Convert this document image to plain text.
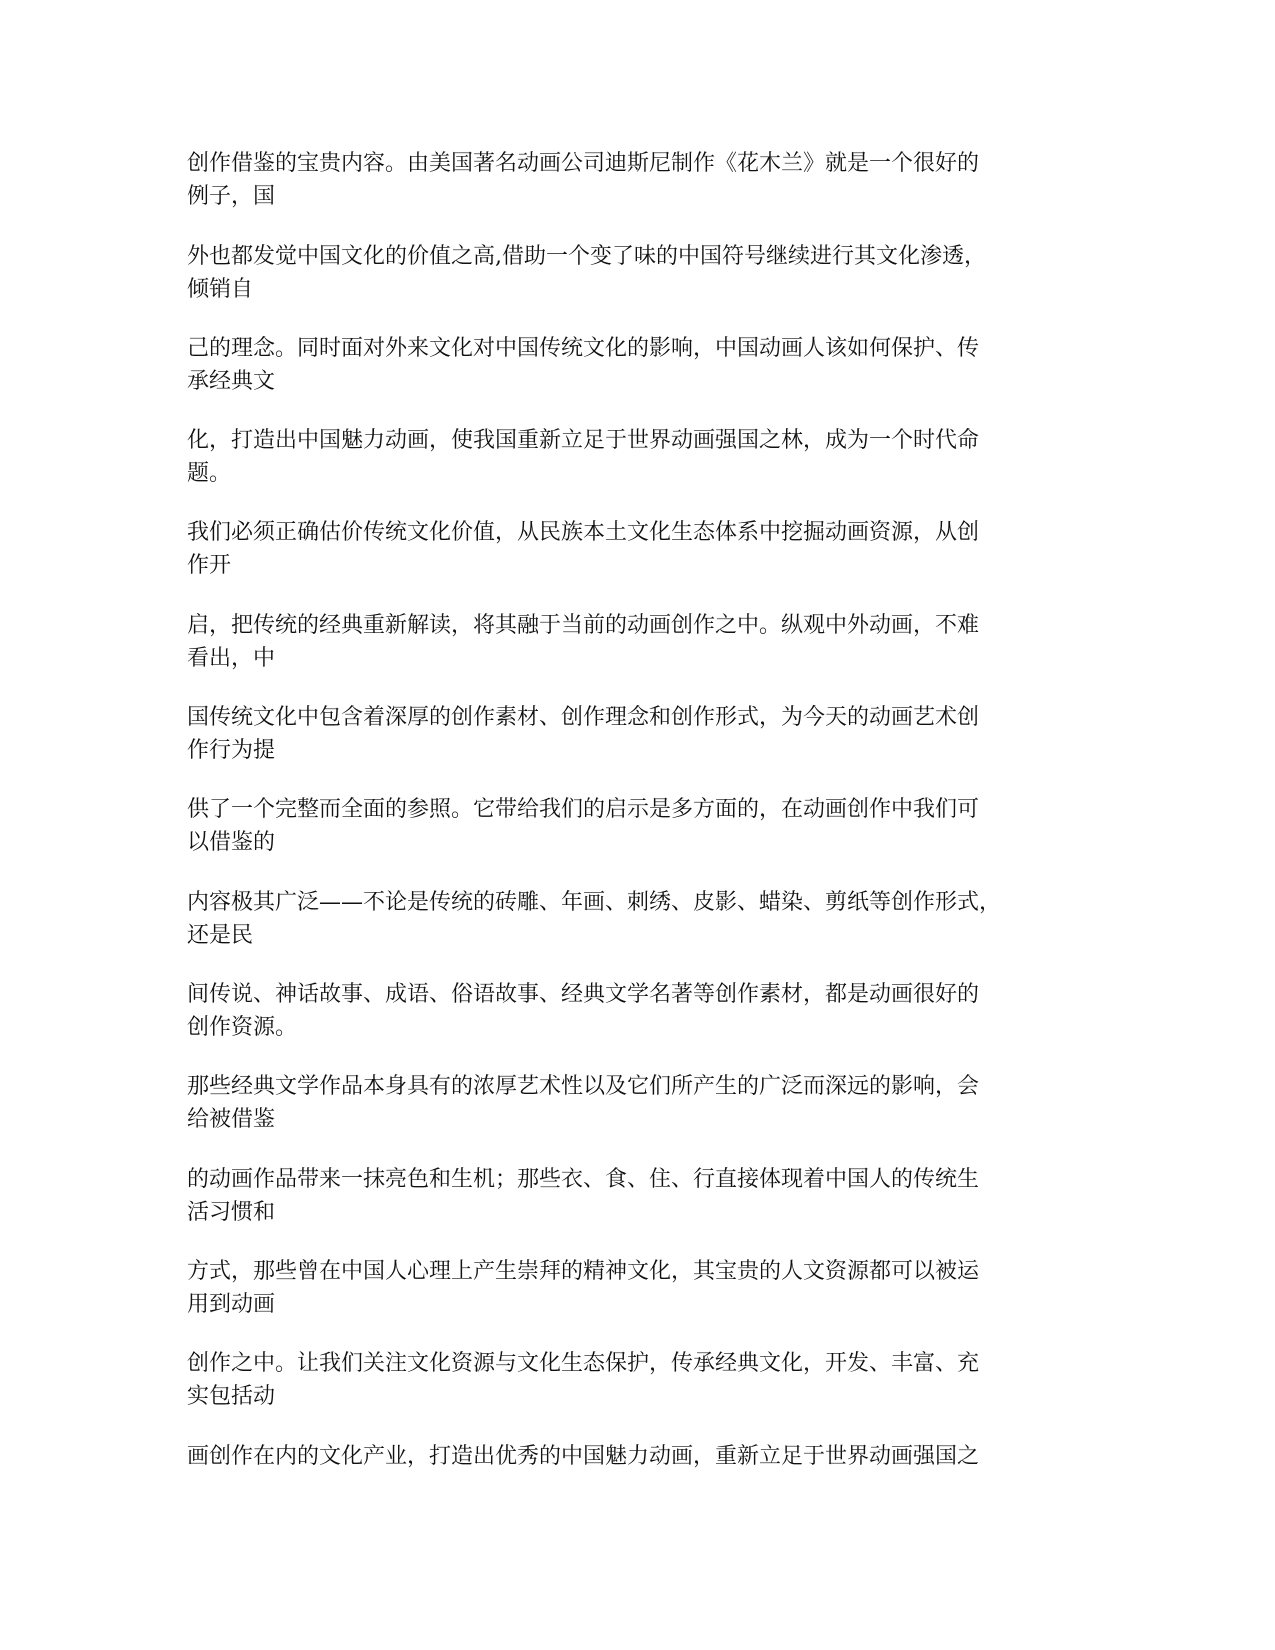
创作借鉴的宝贵内容。由美国著名动画公司迪斯尼制作《花木兰》就是一个很好的
例子，国

外也都发觉中国文化的价值之高,借助一个变了味的中国符号继续进行其文化渗透，
倾销自

己的理念。同时面对外来文化对中国传统文化的影响，中国动画人该如何保护、传
承经典文

化，打造出中国魅力动画，使我国重新立足于世界动画强国之林，成为一个时代命
题。

我们必须正确估价传统文化价值，从民族本土文化生态体系中挖掘动画资源，从创
作开

启，把传统的经典重新解读，将其融于当前的动画创作之中。纵观中外动画，不难
看出，中

国传统文化中包含着深厚的创作素材、创作理念和创作形式，为今天的动画艺术创
作行为提

供了一个完整而全面的参照。它带给我们的启示是多方面的，在动画创作中我们可
以借鉴的

内容极其广泛——不论是传统的砖雕、年画、刺绣、皮影、蜡染、剪纸等创作形式，
还是民

间传说、神话故事、成语、俗语故事、经典文学名著等创作素材，都是动画很好的
创作资源。

那些经典文学作品本身具有的浓厚艺术性以及它们所产生的广泛而深远的影响，会
给被借鉴

的动画作品带来一抹亮色和生机；那些衣、食、住、行直接体现着中国人的传统生
活习惯和

方式，那些曾在中国人心理上产生崇拜的精神文化，其宝贵的人文资源都可以被运
用到动画

创作之中。让我们关注文化资源与文化生态保护，传承经典文化，开发、丰富、充
实包括动

画创作在内的文化产业，打造出优秀的中国魅力动画，重新立足于世界动画强国之
